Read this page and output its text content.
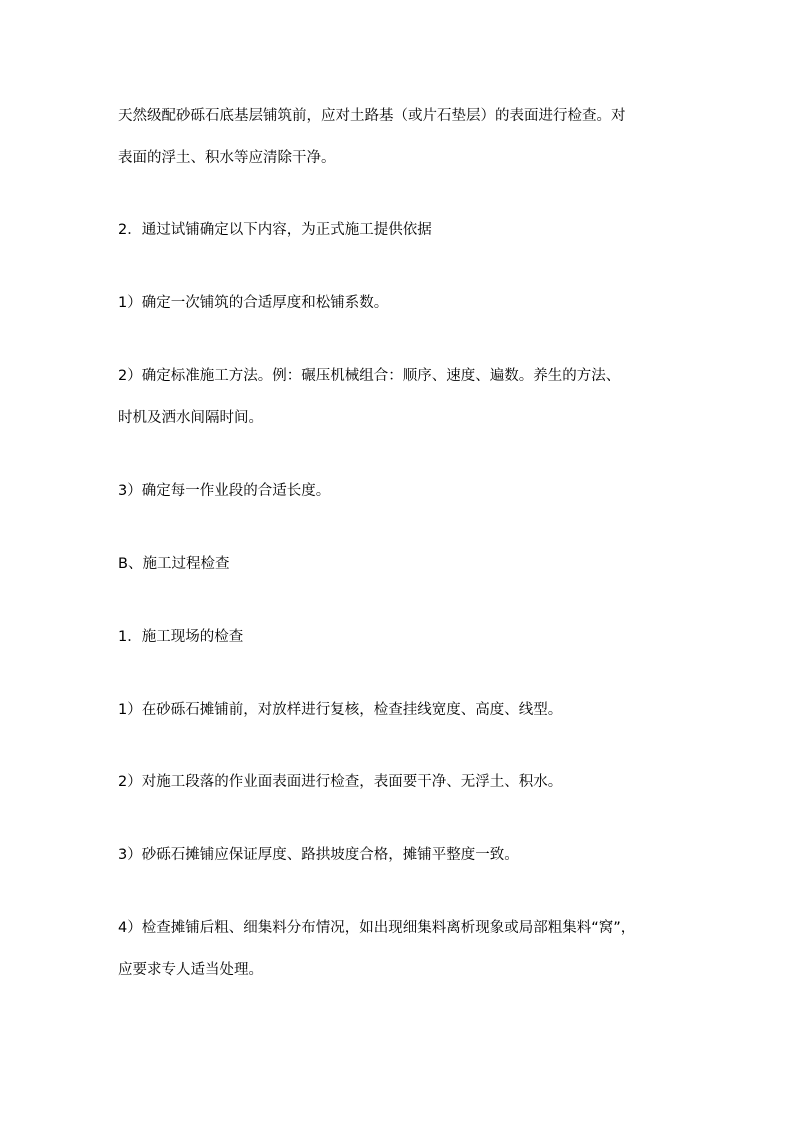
天然级配砂砾石底基层铺筑前，应对土路基（或片石垫层）的表面进行检查。对
表面的浮土、积水等应清除干净。
2．通过试铺确定以下内容，为正式施工提供依据
1）确定一次铺筑的合适厚度和松铺系数。
2）确定标准施工方法。例：碾压机械组合：顺序、速度、遍数。养生的方法、
时机及洒水间隔时间。
3）确定每一作业段的合适长度。
B、施工过程检查
1．施工现场的检查
1）在砂砾石摊铺前，对放样进行复核，检查挂线宽度、高度、线型。
2）对施工段落的作业面表面进行检查，表面要干净、无浮土、积水。
3）砂砾石摊铺应保证厚度、路拱坡度合格，摊铺平整度一致。
4）检查摊铺后粗、细集料分布情况，如出现细集料离析现象或局部粗集料“窝”，
应要求专人适当处理。
